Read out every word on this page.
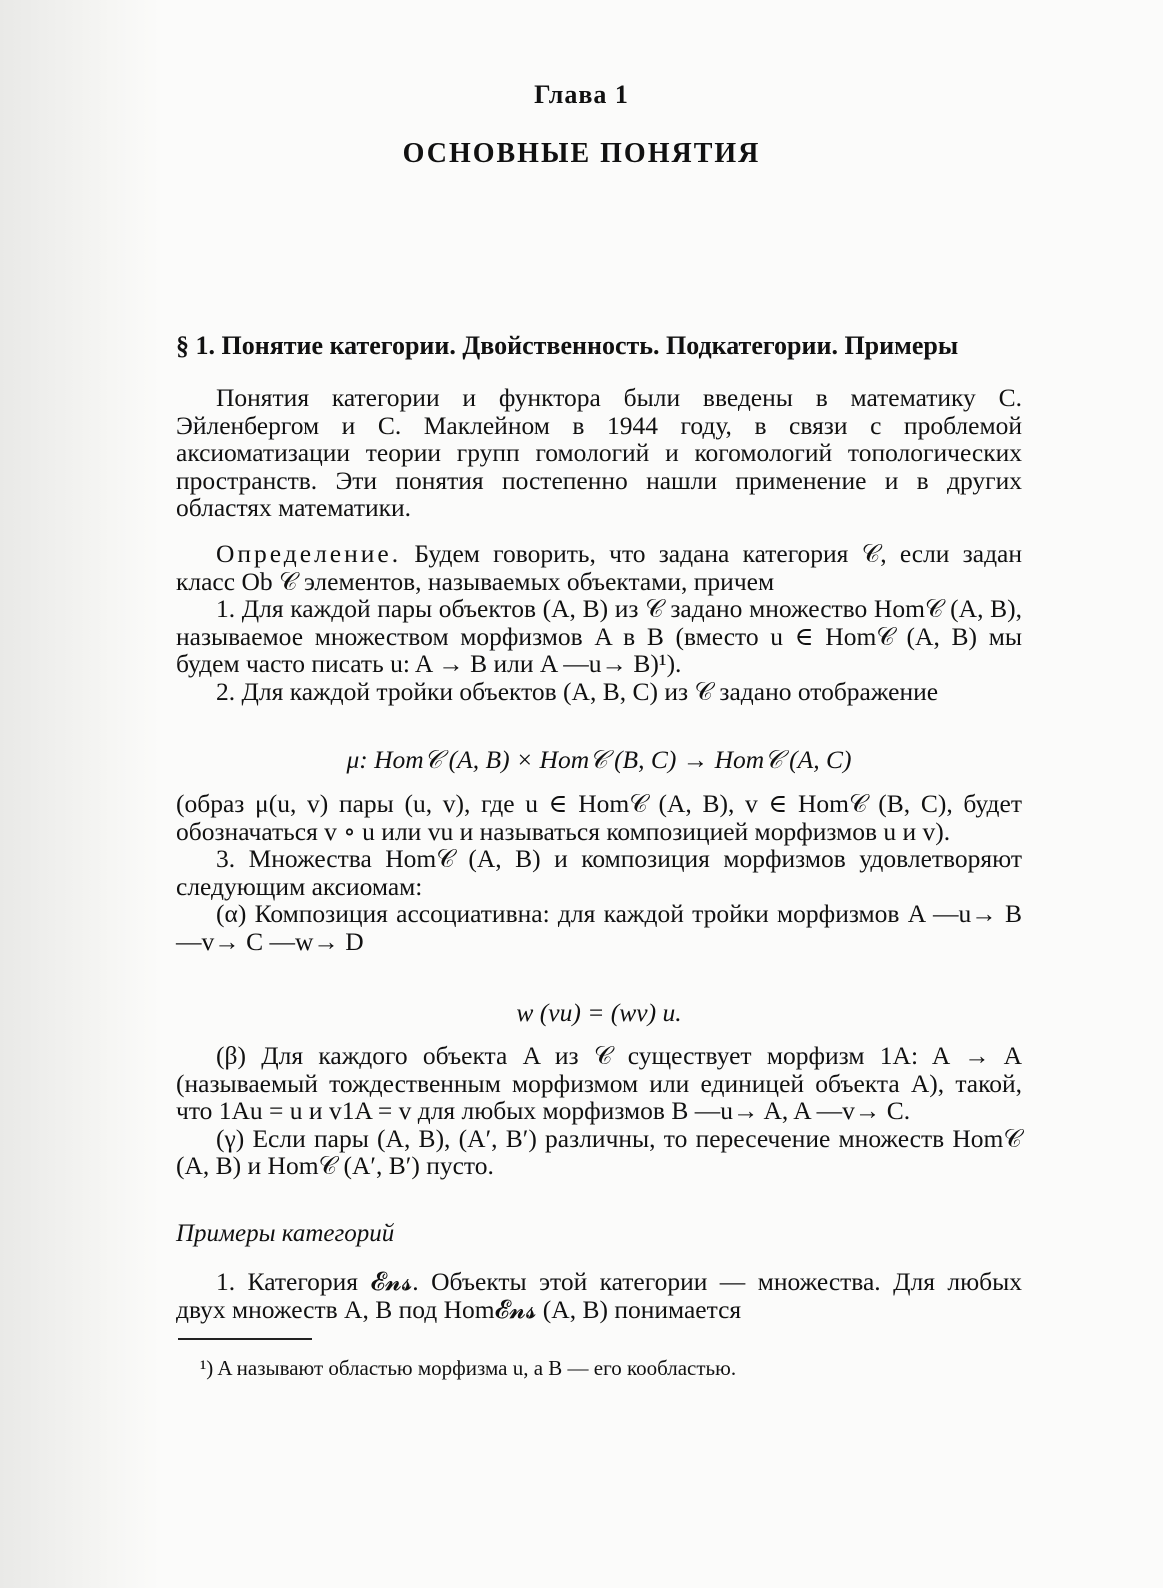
Глава 1
ОСНОВНЫЕ ПОНЯТИЯ
§ 1. Понятие категории. Двойственность. Подкатегории. Примеры
Понятия категории и функтора были введены в математику С. Эйленбергом и С. Маклейном в 1944 году, в связи с проблемой аксиоматизации теории групп гомологий и когомологий топологических пространств. Эти понятия постепенно нашли применение и в других областях математики.

Определение. Будем говорить, что задана категория 𝒞, если задан класс Ob 𝒞 элементов, называемых объектами, причем

1. Для каждой пары объектов (A, B) из 𝒞 задано множество Hom𝒞 (A, B), называемое множеством морфизмов A в B (вместо u ∈ Hom𝒞 (A, B) мы будем часто писать u: A → B или A —u→ B)¹).

2. Для каждой тройки объектов (A, B, C) из 𝒞 задано отображение

μ: Hom𝒞 (A, B) × Hom𝒞 (B, C) → Hom𝒞 (A, C)

(образ μ(u, v) пары (u, v), где u ∈ Hom𝒞 (A, B), v ∈ Hom𝒞 (B, C), будет обозначаться v ∘ u или vu и называться композицией морфизмов u и v).

3. Множества Hom𝒞 (A, B) и композиция морфизмов удовлетворяют следующим аксиомам:

(α) Композиция ассоциативна: для каждой тройки морфизмов A —u→ B —v→ C —w→ D

w (vu) = (wv) u.

(β) Для каждого объекта A из 𝒞 существует морфизм 1A: A → A (называемый тождественным морфизмом или единицей объекта A), такой, что 1Au = u и v1A = v для любых морфизмов B —u→ A, A —v→ C.

(γ) Если пары (A, B), (A′, B′) различны, то пересечение множеств Hom𝒞 (A, B) и Hom𝒞 (A′, B′) пусто.

Примеры категорий
1. Категория 𝓔𝓷𝓼. Объекты этой категории — множества. Для любых двух множеств A, B под Hom𝓔𝓷𝓼 (A, B) понимается
¹) A называют областью морфизма u, а B — его кообластью.
